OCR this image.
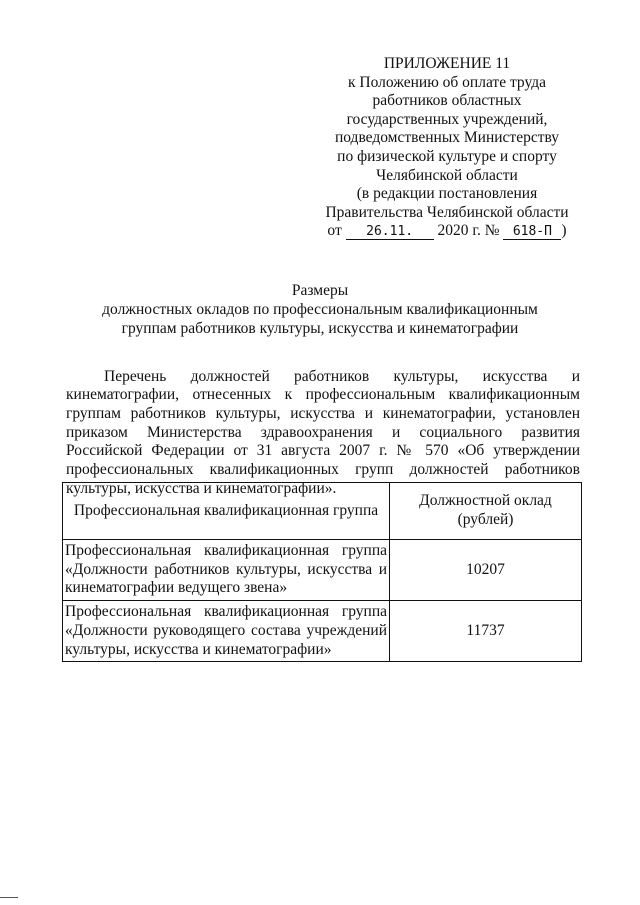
ПРИЛОЖЕНИЕ 11
к Положению об оплате труда
работников областных
государственных учреждений,
подведомственных Министерству
по физической культуре и спорту
Челябинской области
(в редакции постановления
Правительства Челябинской области
от 26.11. 2020 г. № 618-П )
Размеры
должностных окладов по профессиональным квалификационным
группам работников культуры, искусства и кинематографии

Перечень должностей работников культуры, искусства и кинематографии, отнесенных к профессиональным квалификационным группам работников культуры, искусства и кинематографии, установлен приказом Министерства здравоохранения и социального развития Российской Федерации от 31 августа 2007 г. № 570 «Об утверждении профессиональных квалификационных групп должностей работников культуры, искусства и кинематографии».

Профессиональная квалификационная группа	Должностной оклад (рублей)
Профессиональная квалификационная группа «Должности работников культуры, искусства и кинематографии ведущего звена»	10207
Профессиональная квалификационная группа «Должности руководящего состава учреждений культуры, искусства и кинематографии»	11737
